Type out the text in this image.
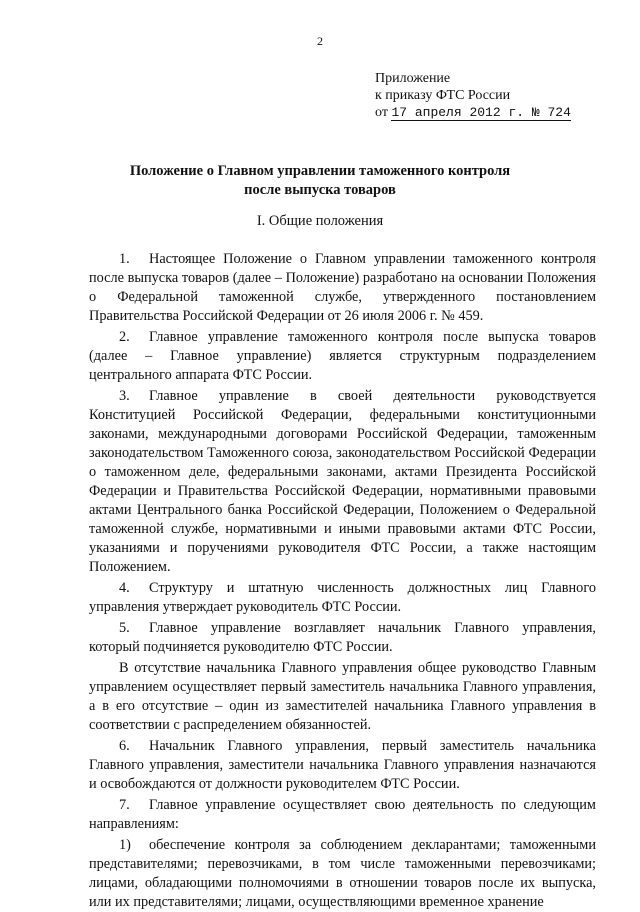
2
Приложение
к приказу ФТС России
от 17 апреля 2012 г. № 724
Положение о Главном управлении таможенного контроля
после выпуска товаров
I. Общие положения

1. Настоящее Положение о Главном управлении таможенного контроля после выпуска товаров (далее – Положение) разработано на основании Положения о Федеральной таможенной службе, утвержденного постановлением Правительства Российской Федерации от 26 июля 2006 г. № 459.

2. Главное управление таможенного контроля после выпуска товаров (далее – Главное управление) является структурным подразделением центрального аппарата ФТС России.

3. Главное управление в своей деятельности руководствуется Конституцией Российской Федерации, федеральными конституционными законами, международными договорами Российской Федерации, таможенным законодательством Таможенного союза, законодательством Российской Федерации о таможенном деле, федеральными законами, актами Президента Российской Федерации и Правительства Российской Федерации, нормативными правовыми актами Центрального банка Российской Федерации, Положением о Федеральной таможенной службе, нормативными и иными правовыми актами ФТС России, указаниями и поручениями руководителя ФТС России, а также настоящим Положением.

4. Структуру и штатную численность должностных лиц Главного управления утверждает руководитель ФТС России.

5. Главное управление возглавляет начальник Главного управления, который подчиняется руководителю ФТС России.

В отсутствие начальника Главного управления общее руководство Главным управлением осуществляет первый заместитель начальника Главного управления, а в его отсутствие – один из заместителей начальника Главного управления в соответствии с распределением обязанностей.

6. Начальник Главного управления, первый заместитель начальника Главного управления, заместители начальника Главного управления назначаются и освобождаются от должности руководителем ФТС России.

7. Главное управление осуществляет свою деятельность по следующим направлениям:

1) обеспечение контроля за соблюдением декларантами; таможенными представителями; перевозчиками, в том числе таможенными перевозчиками; лицами, обладающими полномочиями в отношении товаров после их выпуска, или их представителями; лицами, осуществляющими временное хранение
